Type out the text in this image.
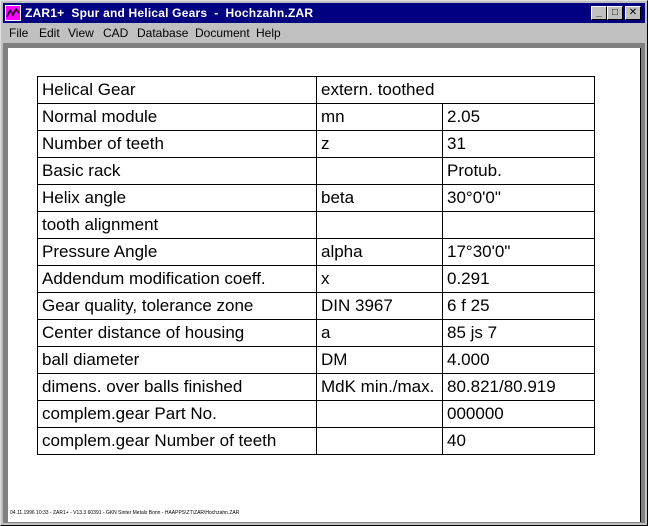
ZAR1+  Spur and Helical Gears  -  Hochzahn.ZAR	_	□	✕
File Edit View CAD Database Document Help
Helical Gear	extern. toothed	
Normal module	mn	2.05
Number of teeth	z	31
Basic rack		Protub.
Helix angle	beta	30°0'0"
tooth alignment		
Pressure Angle	alpha	17°30'0"
Addendum modification coeff.	x	0.291
Gear quality, tolerance zone	DIN 3967	6 f 25
Center distance of housing	a	85 js 7
ball diameter	DM	4.000
dimens. over balls finished	MdK min./max.	80.821/80.919
complem.gear Part No.		000000
complem.gear Number of teeth		40
04.11.1996 10:33 - ZAR1+ - V13.3 60391 - GKN Sinter Metals Bonn - HAAPPS\ZT\ZAR\Hochzahn.ZAR
